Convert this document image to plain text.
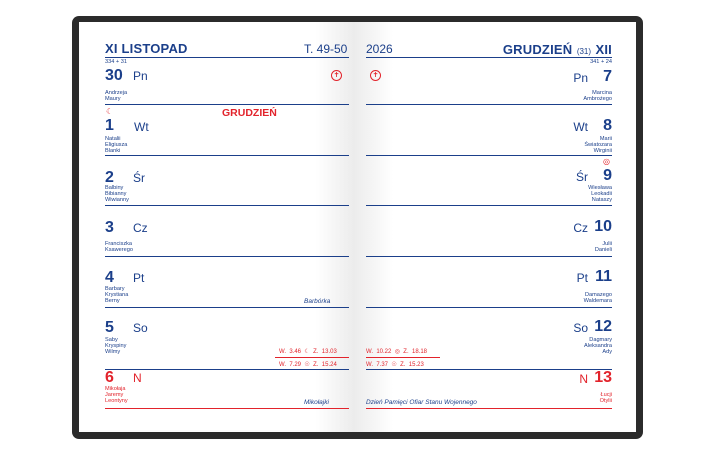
XI LISTOPAD	T. 49-50
334 + 31
30 Pn	✝
Andrzeja
Maury
☾	GRUDZIEŃ
1 Wt
Natalii
Eligiusza
Blanki
2 Śr
Balbiny
Bibianny
Wiwianny
3 Cz
Franciszka
Ksawerego
4 Pt
Barbary
Krystiana
Berny	Barbórka
5 So
Saby
Kryspiny
Wilmy	W. 3.46 ☾ Z. 13.03
W. 7.29 ☉ Z. 15.24
6 N
Mikołaja
Jaremy
Leontyny	Mikołajki
2026	GRUDZIEŃ (31) XII
341 + 24
✝	Pn 7
Marcina
Ambrożego
Wt 8
Marii
Światozara
Wirginii
◎
Śr 9
Wiesława
Leokadii
Nataszy
Cz 10
Julii
Danieli
Pt 11
Damazego
Waldemara
So 12
Dagmary
Aleksandra
Ady
W. 10.22 ◎ Z. 18.18
W. 7.37 ☉ Z. 15.23
N 13
Łucji
Otylii
Dzień Pamięci Ofiar Stanu Wojennego
